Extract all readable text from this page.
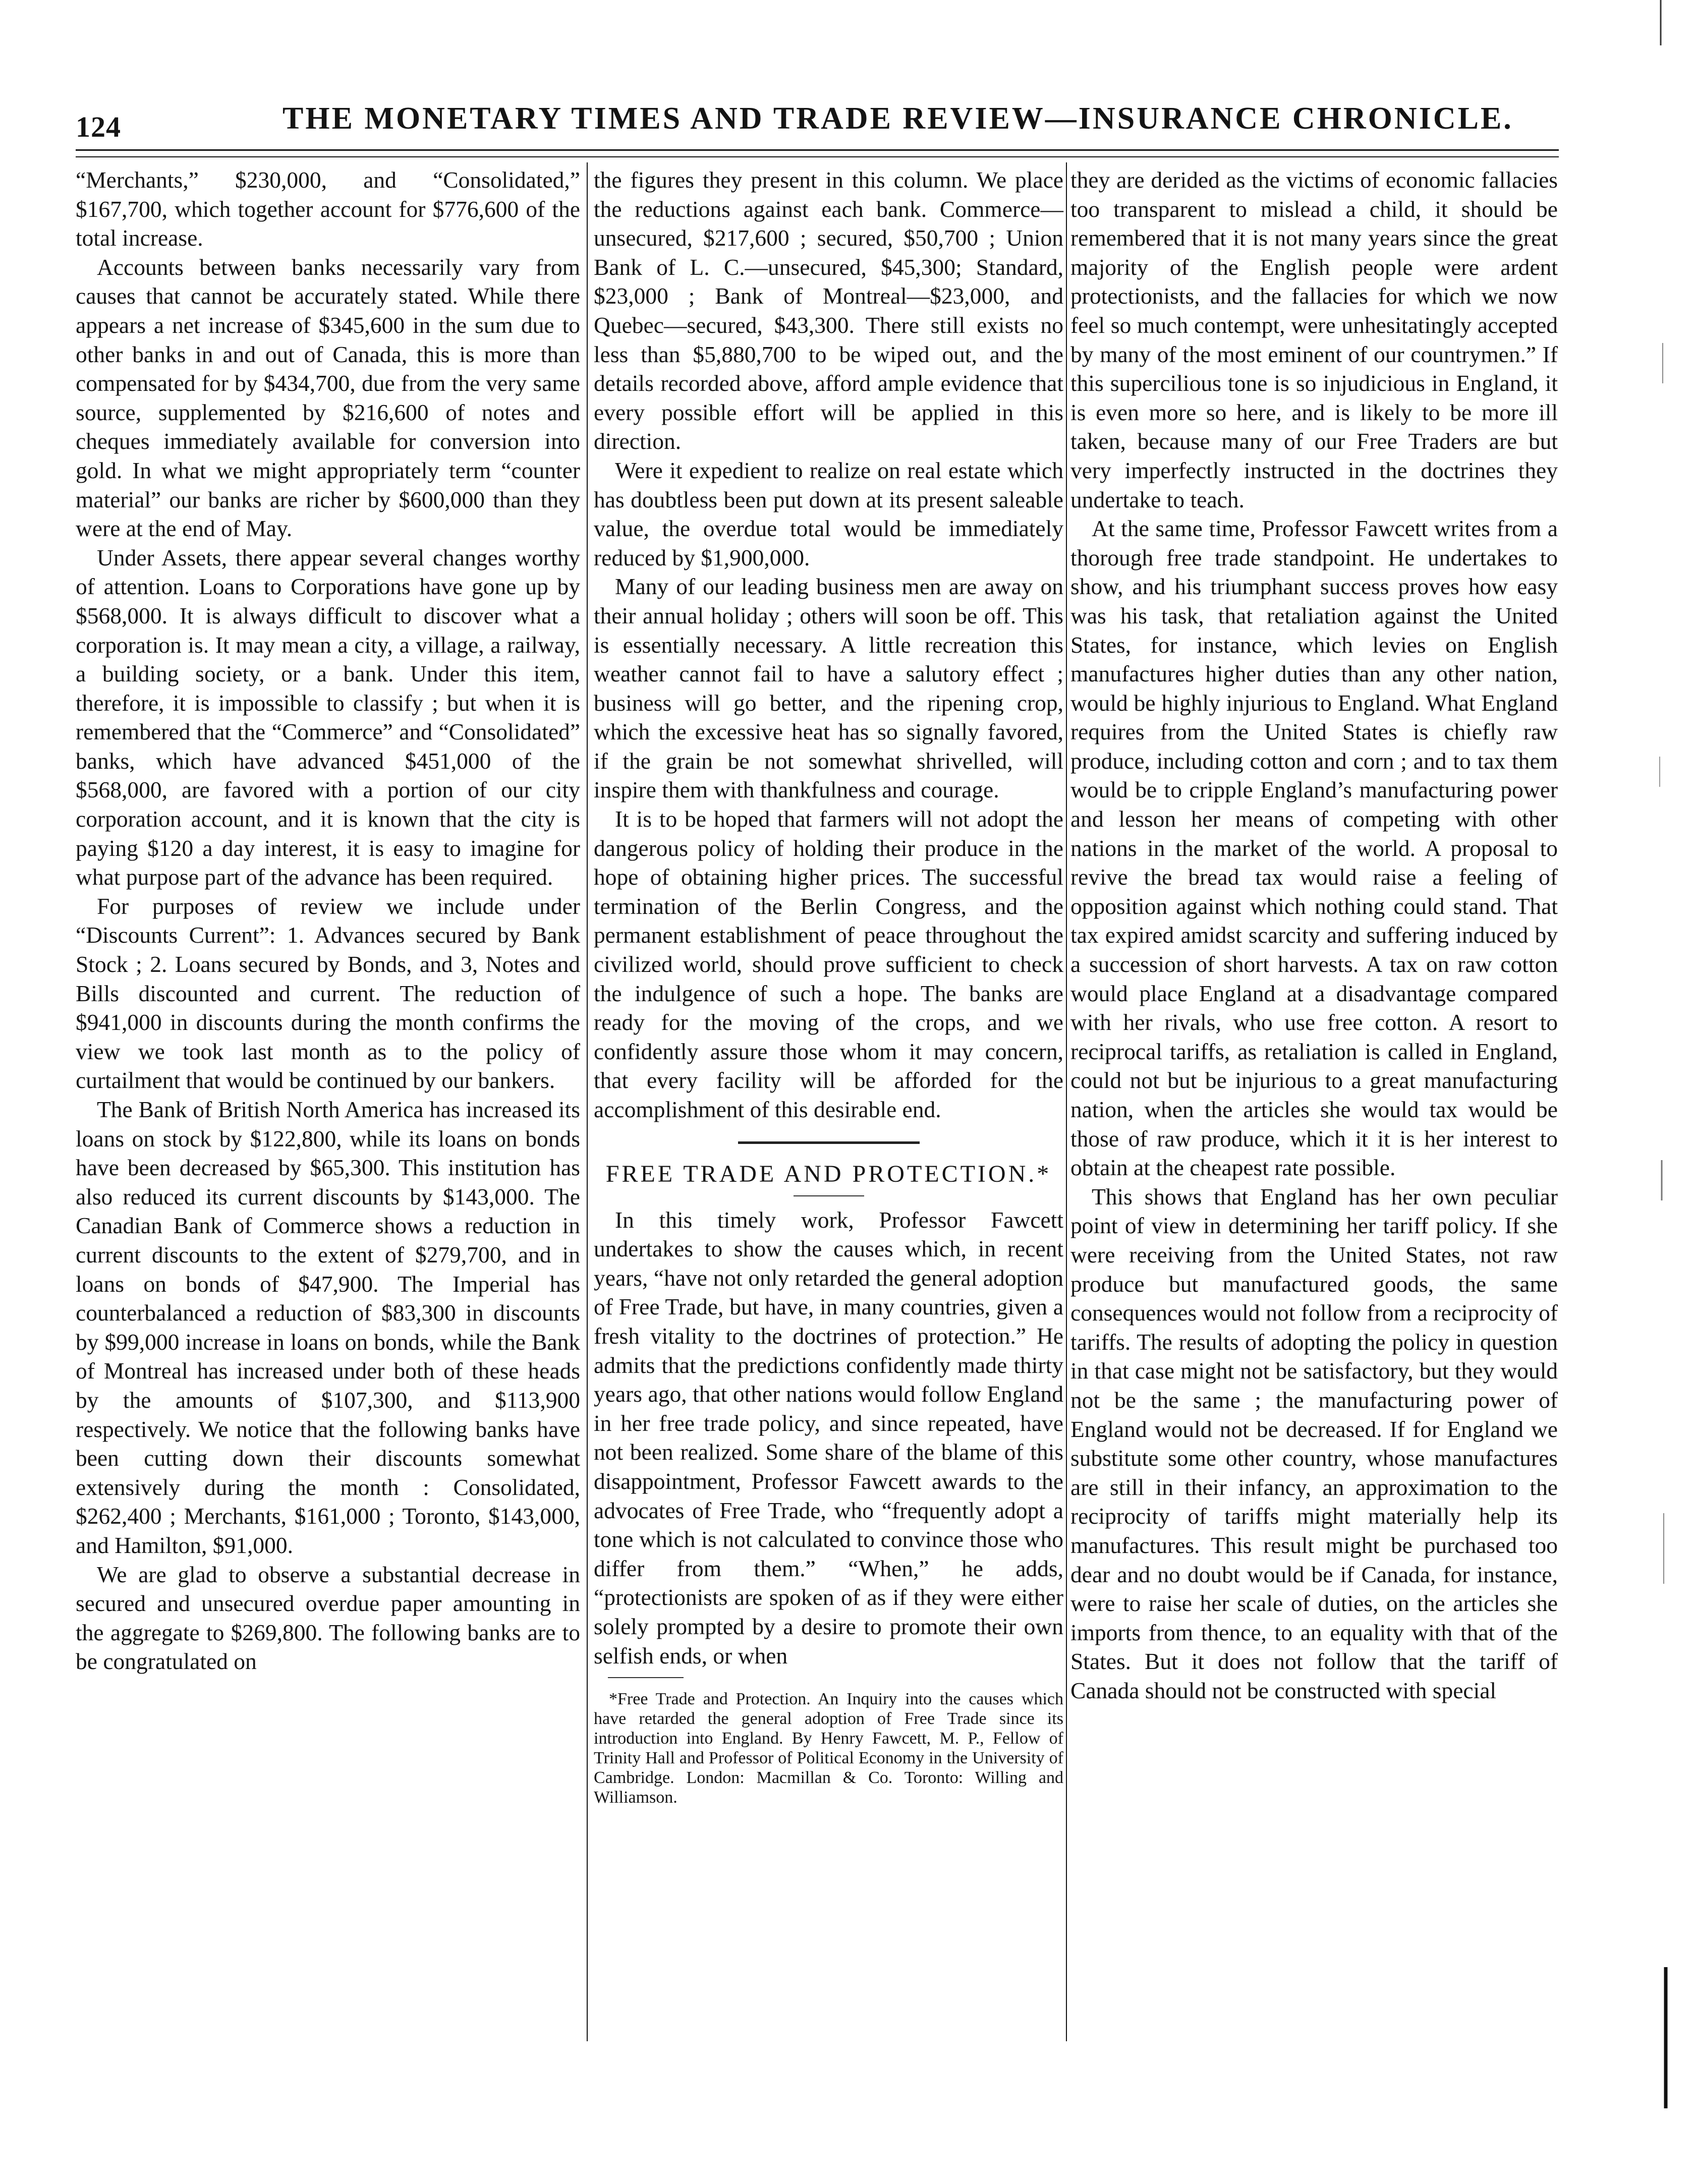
124	THE MONETARY TIMES AND TRADE REVIEW—INSURANCE CHRONICLE.

“Merchants,” $230,000, and “Consolidated,” $167,700, which together account for $776,600 of the total increase.

Accounts between banks necessarily vary from causes that cannot be accurately stated. While there appears a net increase of $345,600 in the sum due to other banks in and out of Canada, this is more than compensated for by $434,700, due from the very same source, supplemented by $216,600 of notes and cheques immediately available for conversion into gold. In what we might appropriately term “counter material” our banks are richer by $600,000 than they were at the end of May.

Under Assets, there appear several changes worthy of attention. Loans to Corporations have gone up by $568,000. It is always difficult to discover what a corporation is. It may mean a city, a village, a railway, a building society, or a bank. Under this item, therefore, it is impossible to classify ; but when it is remembered that the “Commerce” and “Consolidated” banks, which have advanced $451,000 of the $568,000, are favored with a portion of our city corporation account, and it is known that the city is paying $120 a day interest, it is easy to imagine for what purpose part of the advance has been required.

For purposes of review we include under “Discounts Current”: 1. Advances secured by Bank Stock ; 2. Loans secured by Bonds, and 3, Notes and Bills discounted and current. The reduction of $941,000 in discounts during the month confirms the view we took last month as to the policy of curtailment that would be continued by our bankers.

The Bank of British North America has increased its loans on stock by $122,800, while its loans on bonds have been decreased by $65,300. This institution has also reduced its current discounts by $143,000. The Canadian Bank of Commerce shows a reduction in current discounts to the extent of $279,700, and in loans on bonds of $47,900. The Imperial has counterbalanced a reduction of $83,300 in discounts by $99,000 increase in loans on bonds, while the Bank of Montreal has increased under both of these heads by the amounts of $107,300, and $113,900 respectively. We notice that the following banks have been cutting down their discounts somewhat extensively during the month : Consolidated, $262,400 ; Merchants, $161,000 ; Toronto, $143,000, and Hamilton, $91,000.

We are glad to observe a substantial decrease in secured and unsecured overdue paper amounting in the aggregate to $269,800. The following banks are to be congratulated on

the figures they present in this column. We place the reductions against each bank. Commerce—unsecured, $217,600 ; secured, $50,700 ; Union Bank of L. C.—unsecured, $45,300; Standard, $23,000 ; Bank of Montreal—$23,000, and Quebec—secured, $43,300. There still exists no less than $5,880,700 to be wiped out, and the details recorded above, afford ample evidence that every possible effort will be applied in this direction.

Were it expedient to realize on real estate which has doubtless been put down at its present saleable value, the overdue total would be immediately reduced by $1,900,000.

Many of our leading business men are away on their annual holiday ; others will soon be off. This is essentially necessary. A little recreation this weather cannot fail to have a salutory effect ; business will go better, and the ripening crop, which the excessive heat has so signally favored, if the grain be not somewhat shrivelled, will inspire them with thankfulness and courage.

It is to be hoped that farmers will not adopt the dangerous policy of holding their produce in the hope of obtaining higher prices. The successful termination of the Berlin Congress, and the permanent establishment of peace throughout the civilized world, should prove sufficient to check the indulgence of such a hope. The banks are ready for the moving of the crops, and we confidently assure those whom it may concern, that every facility will be afforded for the accomplishment of this desirable end.

FREE TRADE AND PROTECTION.*

In this timely work, Professor Fawcett undertakes to show the causes which, in recent years, “have not only retarded the general adoption of Free Trade, but have, in many countries, given a fresh vitality to the doctrines of protection.” He admits that the predictions confidently made thirty years ago, that other nations would follow England in her free trade policy, and since repeated, have not been realized. Some share of the blame of this disappointment, Professor Fawcett awards to the advocates of Free Trade, who “frequently adopt a tone which is not calculated to convince those who differ from them.” “When,” he adds, “protectionists are spoken of as if they were either solely prompted by a desire to promote their own selfish ends, or when

*Free Trade and Protection. An Inquiry into the causes which have retarded the general adoption of Free Trade since its introduction into England. By Henry Fawcett, M. P., Fellow of Trinity Hall and Professor of Political Economy in the University of Cambridge. London: Macmillan & Co. Toronto: Willing and Williamson.

they are derided as the victims of economic fallacies too transparent to mislead a child, it should be remembered that it is not many years since the great majority of the English people were ardent protectionists, and the fallacies for which we now feel so much contempt, were unhesitatingly accepted by many of the most eminent of our countrymen.” If this supercilious tone is so injudicious in England, it is even more so here, and is likely to be more ill taken, because many of our Free Traders are but very imperfectly instructed in the doctrines they undertake to teach.

At the same time, Professor Fawcett writes from a thorough free trade standpoint. He undertakes to show, and his triumphant success proves how easy was his task, that retaliation against the United States, for instance, which levies on English manufactures higher duties than any other nation, would be highly injurious to England. What England requires from the United States is chiefly raw produce, including cotton and corn ; and to tax them would be to cripple England’s manufacturing power and lesson her means of competing with other nations in the market of the world. A proposal to revive the bread tax would raise a feeling of opposition against which nothing could stand. That tax expired amidst scarcity and suffering induced by a succession of short harvests. A tax on raw cotton would place England at a disadvantage compared with her rivals, who use free cotton. A resort to reciprocal tariffs, as retaliation is called in England, could not but be injurious to a great manufacturing nation, when the articles she would tax would be those of raw produce, which it it is her interest to obtain at the cheapest rate possible.

This shows that England has her own peculiar point of view in determining her tariff policy. If she were receiving from the United States, not raw produce but manufactured goods, the same consequences would not follow from a reciprocity of tariffs. The results of adopting the policy in question in that case might not be satisfactory, but they would not be the same ; the manufacturing power of England would not be decreased. If for England we substitute some other country, whose manufactures are still in their infancy, an approximation to the reciprocity of tariffs might materially help its manufactures. This result might be purchased too dear and no doubt would be if Canada, for instance, were to raise her scale of duties, on the articles she imports from thence, to an equality with that of the States. But it does not follow that the tariff of Canada should not be constructed with special
